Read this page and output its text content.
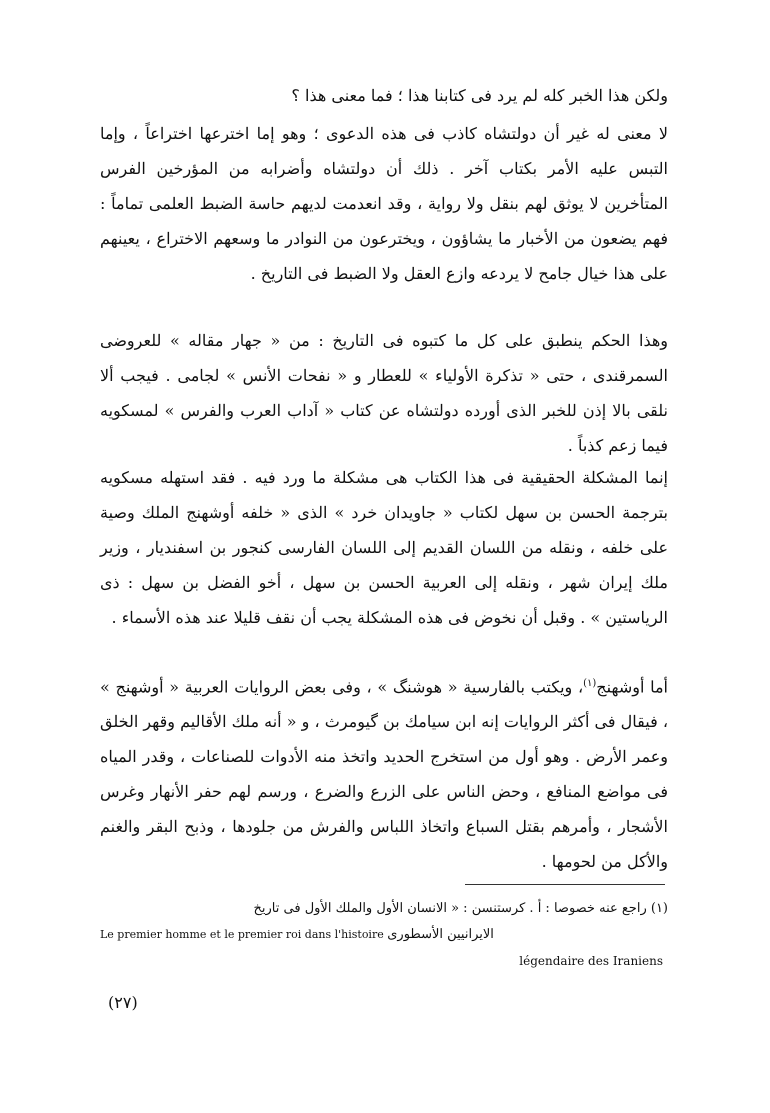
ولكن هذا الخبر كله لم يرد فى كتابنا هذا ؛ فما معنى هذا ؟

لا معنى له غير أن دولتشاه كاذب فى هذه الدعوى ؛ وهو إما اخترعها اختراعاً ، وإما التبس عليه الأمر بكتاب آخر . ذلك أن دولتشاه وأضرابه من المؤرخين الفرس المتأخرين لا يوثق لهم بنقل ولا رواية ، وقد انعدمت لديهم حاسة الضبط العلمى تماماً : فهم يضعون من الأخبار ما يشاؤون ، ويخترعون من النوادر ما وسعهم الاختراع ، يعينهم على هذا خيال جامح لا يردعه وازع العقل ولا الضبط فى التاريخ .

وهذا الحكم ينطبق على كل ما كتبوه فى التاريخ : من « جهار مقاله » للعروضى السمرقندى ، حتى « تذكرة الأولياء » للعطار و « نفحات الأنس » لجامى . فيجب ألا نلقى بالا إذن للخبر الذى أورده دولتشاه عن كتاب « آداب العرب والفرس » لمسكويه فيما زعم كذباً .

إنما المشكلة الحقيقية فى هذا الكتاب هى مشكلة ما ورد فيه . فقد استهله مسكويه بترجمة الحسن بن سهل لكتاب « جاويدان خرد » الذى « خلفه أوشهنج الملك وصية على خلفه ، ونقله من اللسان القديم إلى اللسان الفارسى كنجور بن اسفنديار ، وزير ملك إيران شهر ، ونقله إلى العربية الحسن بن سهل ، أخو الفضل بن سهل : ذى الرياستين » . وقبل أن نخوض فى هذه المشكلة يجب أن نقف قليلا عند هذه الأسماء .

أما أوشهنج$^{(١)}$، ويكتب بالفارسية « هوشنگ » ، وفى بعض الروايات العربية « أوشهنج » ، فيقال فى أكثر الروايات إنه ابن سيامك بن گيومرث ، و « أنه ملك الأقاليم وقهر الخلق وعمر الأرض . وهو أول من استخرج الحديد واتخذ منه الأدوات للصناعات ، وقدر المياه فى مواضع المنافع ، وحض الناس على الزرع والضرع ، ورسم لهم حفر الأنهار وغرس الأشجار ، وأمرهم بقتل السباع واتخاذ اللباس والفرش من جلودها ، وذبح البقر والغنم والأكل من لحومها .

(١) راجع عنه خصوصا : أ . كرستنسن : « الانسان الأول والملك الأول فى تاريخ
Le premier homme et le premier roi dans l'histoire الايرانيين الأسطورى
légendaire des Iraniens
(٢٧)
